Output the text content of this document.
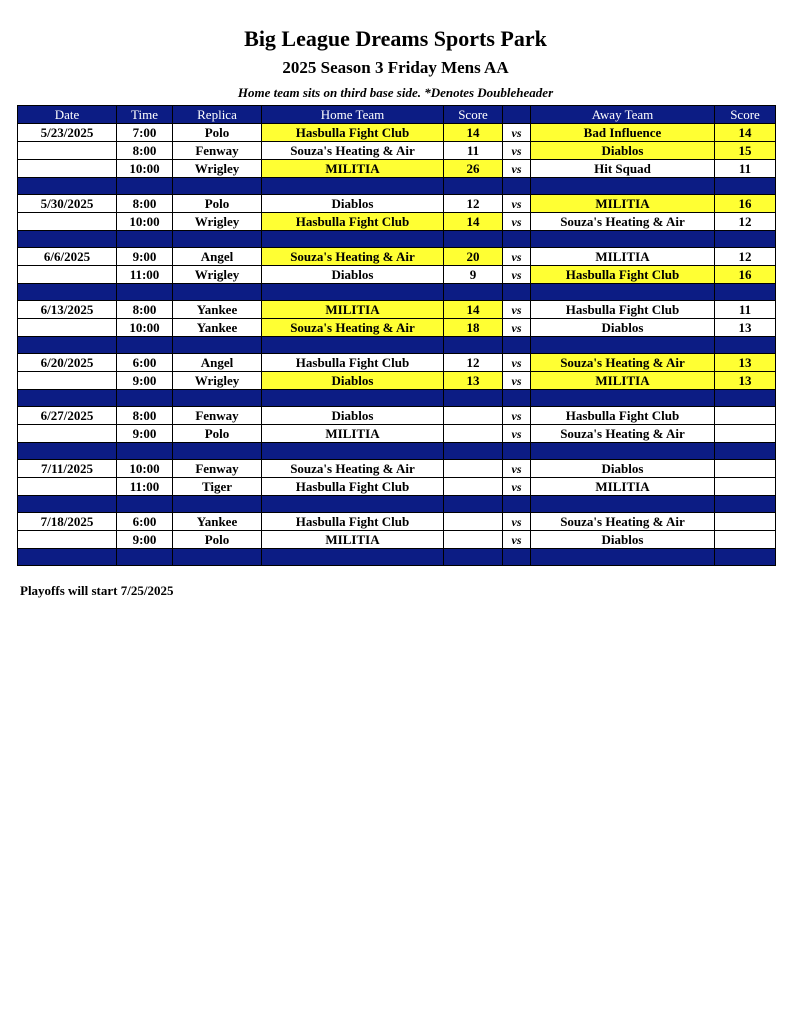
Big League Dreams Sports Park
2025 Season 3 Friday Mens AA
Home team sits on third base side. *Denotes Doubleheader
Date	Time	Replica	Home Team	Score		Away Team	Score
5/23/2025	7:00	Polo	Hasbulla Fight Club	14	vs	Bad Influence	14
	8:00	Fenway	Souza's Heating & Air	11	vs	Diablos	15
	10:00	Wrigley	MILITIA	26	vs	Hit Squad	11

5/30/2025	8:00	Polo	Diablos	12	vs	MILITIA	16
	10:00	Wrigley	Hasbulla Fight Club	14	vs	Souza's Heating & Air	12

6/6/2025	9:00	Angel	Souza's Heating & Air	20	vs	MILITIA	12
	11:00	Wrigley	Diablos	9	vs	Hasbulla Fight Club	16

6/13/2025	8:00	Yankee	MILITIA	14	vs	Hasbulla Fight Club	11
	10:00	Yankee	Souza's Heating & Air	18	vs	Diablos	13

6/20/2025	6:00	Angel	Hasbulla Fight Club	12	vs	Souza's Heating & Air	13
	9:00	Wrigley	Diablos	13	vs	MILITIA	13

6/27/2025	8:00	Fenway	Diablos		vs	Hasbulla Fight Club	
	9:00	Polo	MILITIA		vs	Souza's Heating & Air	

7/11/2025	10:00	Fenway	Souza's Heating & Air		vs	Diablos	
	11:00	Tiger	Hasbulla Fight Club		vs	MILITIA	

7/18/2025	6:00	Yankee	Hasbulla Fight Club		vs	Souza's Heating & Air	
	9:00	Polo	MILITIA		vs	Diablos	

Playoffs will start 7/25/2025
